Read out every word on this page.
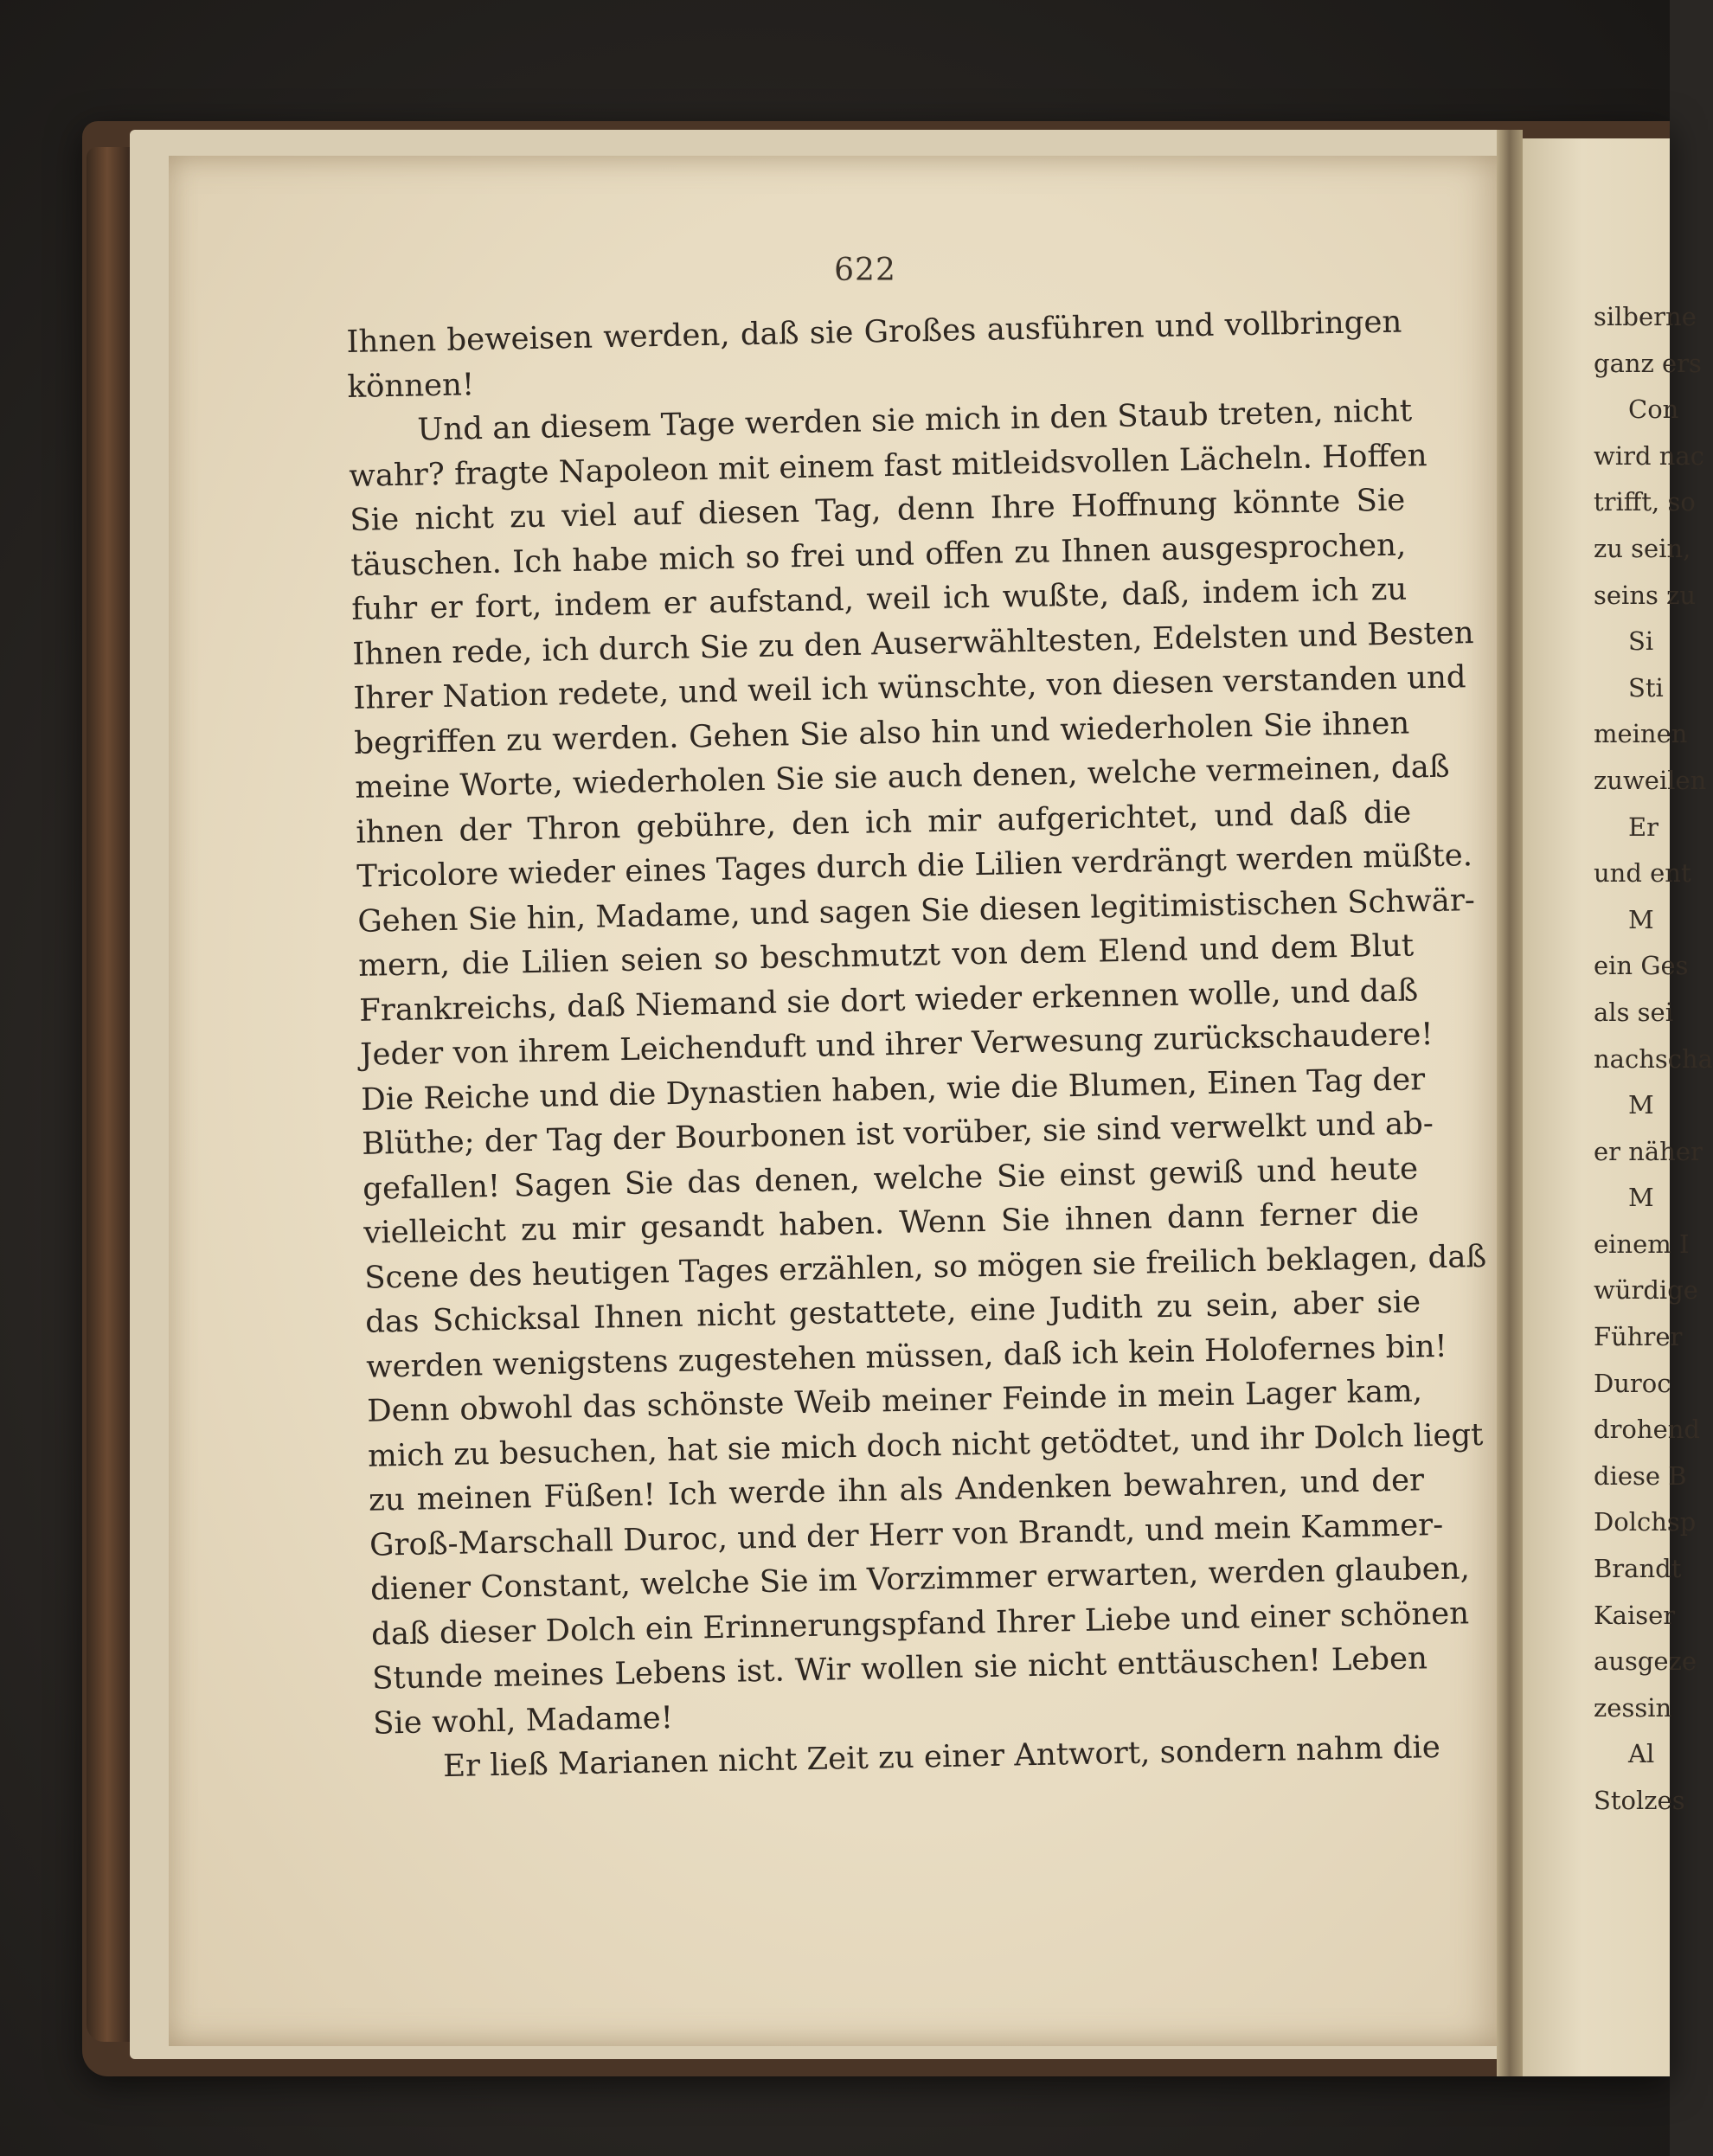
622
Ihnen beweisen werden, daß sie Großes ausführen und vollbringen
können!
Und an diesem Tage werden sie mich in den Staub treten, nicht
wahr? fragte Napoleon mit einem fast mitleidsvollen Lächeln. Hoffen
Sie nicht zu viel auf diesen Tag, denn Ihre Hoffnung könnte Sie
täuschen. Ich habe mich so frei und offen zu Ihnen ausgesprochen,
fuhr er fort, indem er aufstand, weil ich wußte, daß, indem ich zu
Ihnen rede, ich durch Sie zu den Auserwähltesten, Edelsten und Besten
Ihrer Nation redete, und weil ich wünschte, von diesen verstanden und
begriffen zu werden. Gehen Sie also hin und wiederholen Sie ihnen
meine Worte, wiederholen Sie sie auch denen, welche vermeinen, daß
ihnen der Thron gebühre, den ich mir aufgerichtet, und daß die
Tricolore wieder eines Tages durch die Lilien verdrängt werden müßte.
Gehen Sie hin, Madame, und sagen Sie diesen legitimistischen Schwär-
mern, die Lilien seien so beschmutzt von dem Elend und dem Blut
Frankreichs, daß Niemand sie dort wieder erkennen wolle, und daß
Jeder von ihrem Leichenduft und ihrer Verwesung zurückschaudere!
Die Reiche und die Dynastien haben, wie die Blumen, Einen Tag der
Blüthe; der Tag der Bourbonen ist vorüber, sie sind verwelkt und ab-
gefallen! Sagen Sie das denen, welche Sie einst gewiß und heute
vielleicht zu mir gesandt haben. Wenn Sie ihnen dann ferner die
Scene des heutigen Tages erzählen, so mögen sie freilich beklagen, daß
das Schicksal Ihnen nicht gestattete, eine Judith zu sein, aber sie
werden wenigstens zugestehen müssen, daß ich kein Holofernes bin!
Denn obwohl das schönste Weib meiner Feinde in mein Lager kam,
mich zu besuchen, hat sie mich doch nicht getödtet, und ihr Dolch liegt
zu meinen Füßen! Ich werde ihn als Andenken bewahren, und der
Groß-Marschall Duroc, und der Herr von Brandt, und mein Kammer-
diener Constant, welche Sie im Vorzimmer erwarten, werden glauben,
daß dieser Dolch ein Erinnerungspfand Ihrer Liebe und einer schönen
Stunde meines Lebens ist. Wir wollen sie nicht enttäuschen! Leben
Sie wohl, Madame!
Er ließ Marianen nicht Zeit zu einer Antwort, sondern nahm die
silberne
ganz ers
Con
wird nac
trifft, so
zu sein,
seins zu
Si
Sti
meinen
zuweilen
Er
und ent
M
ein Ges
als sei
nachscha
M
er näher
M
einem I
würdige
Führer
Duroc
drohend
diese B
Dolchsp
Brandt
Kaiser
ausgeze
zessin
Al
Stolzes
